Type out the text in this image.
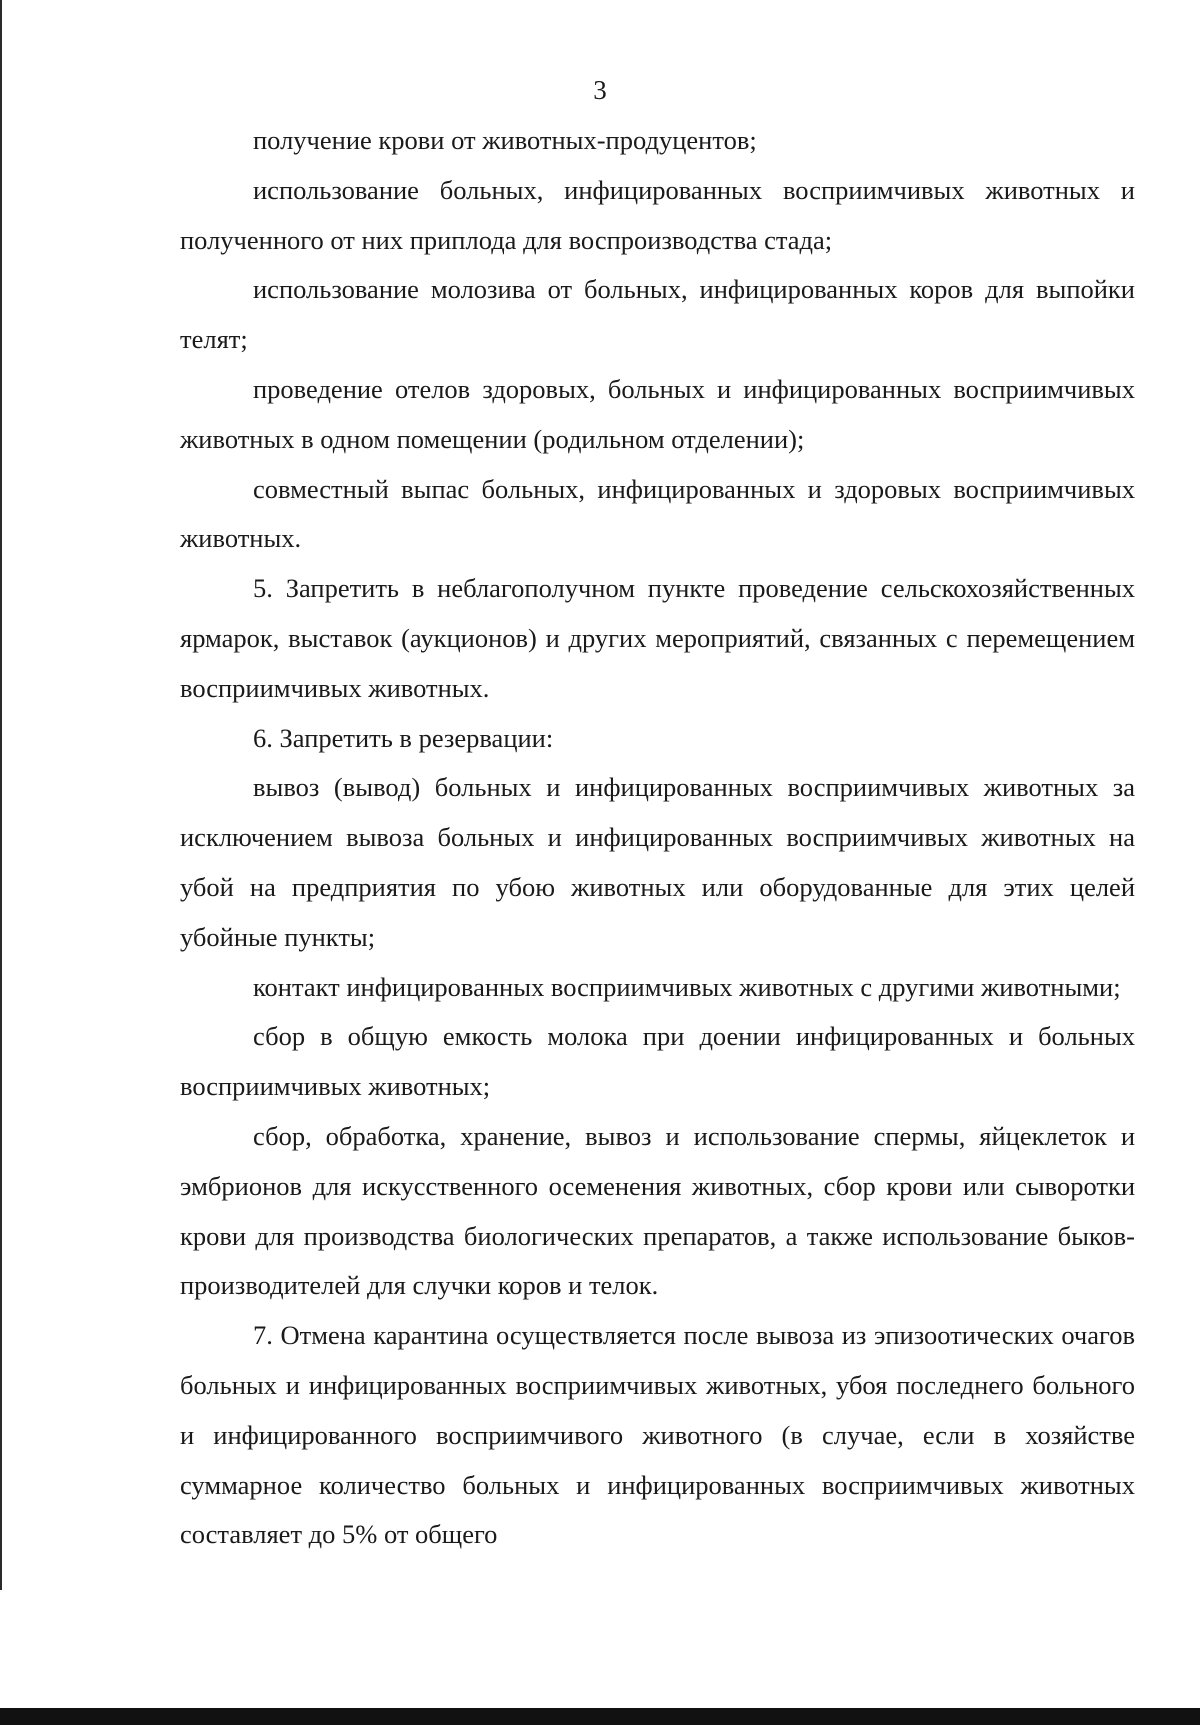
3

получение крови от животных-продуцентов;

использование больных, инфицированных восприимчивых животных и полученного от них приплода для воспроизводства стада;

использование молозива от больных, инфицированных коров для выпойки телят;

проведение отелов здоровых, больных и инфицированных восприимчивых животных в одном помещении (родильном отделении);

совместный выпас больных, инфицированных и здоровых восприимчивых животных.

5. Запретить в неблагополучном пункте проведение сельскохозяйственных ярмарок, выставок (аукционов) и других мероприятий, связанных с перемещением восприимчивых животных.

6. Запретить в резервации:

вывоз (вывод) больных и инфицированных восприимчивых животных за исключением вывоза больных и инфицированных восприимчивых животных на убой на предприятия по убою животных или оборудованные для этих целей убойные пункты;

контакт инфицированных восприимчивых животных с другими животными;

сбор в общую емкость молока при доении инфицированных и больных восприимчивых животных;

сбор, обработка, хранение, вывоз и использование спермы, яйцеклеток и эмбрионов для искусственного осеменения животных, сбор крови или сыворотки крови для производства биологических препаратов, а также использование быков-производителей для случки коров и телок.

7. Отмена карантина осуществляется после вывоза из эпизоотических очагов больных и инфицированных восприимчивых животных, убоя последнего больного и инфицированного восприимчивого животного (в случае, если в хозяйстве суммарное количество больных и инфицированных восприимчивых животных составляет до 5% от общего
